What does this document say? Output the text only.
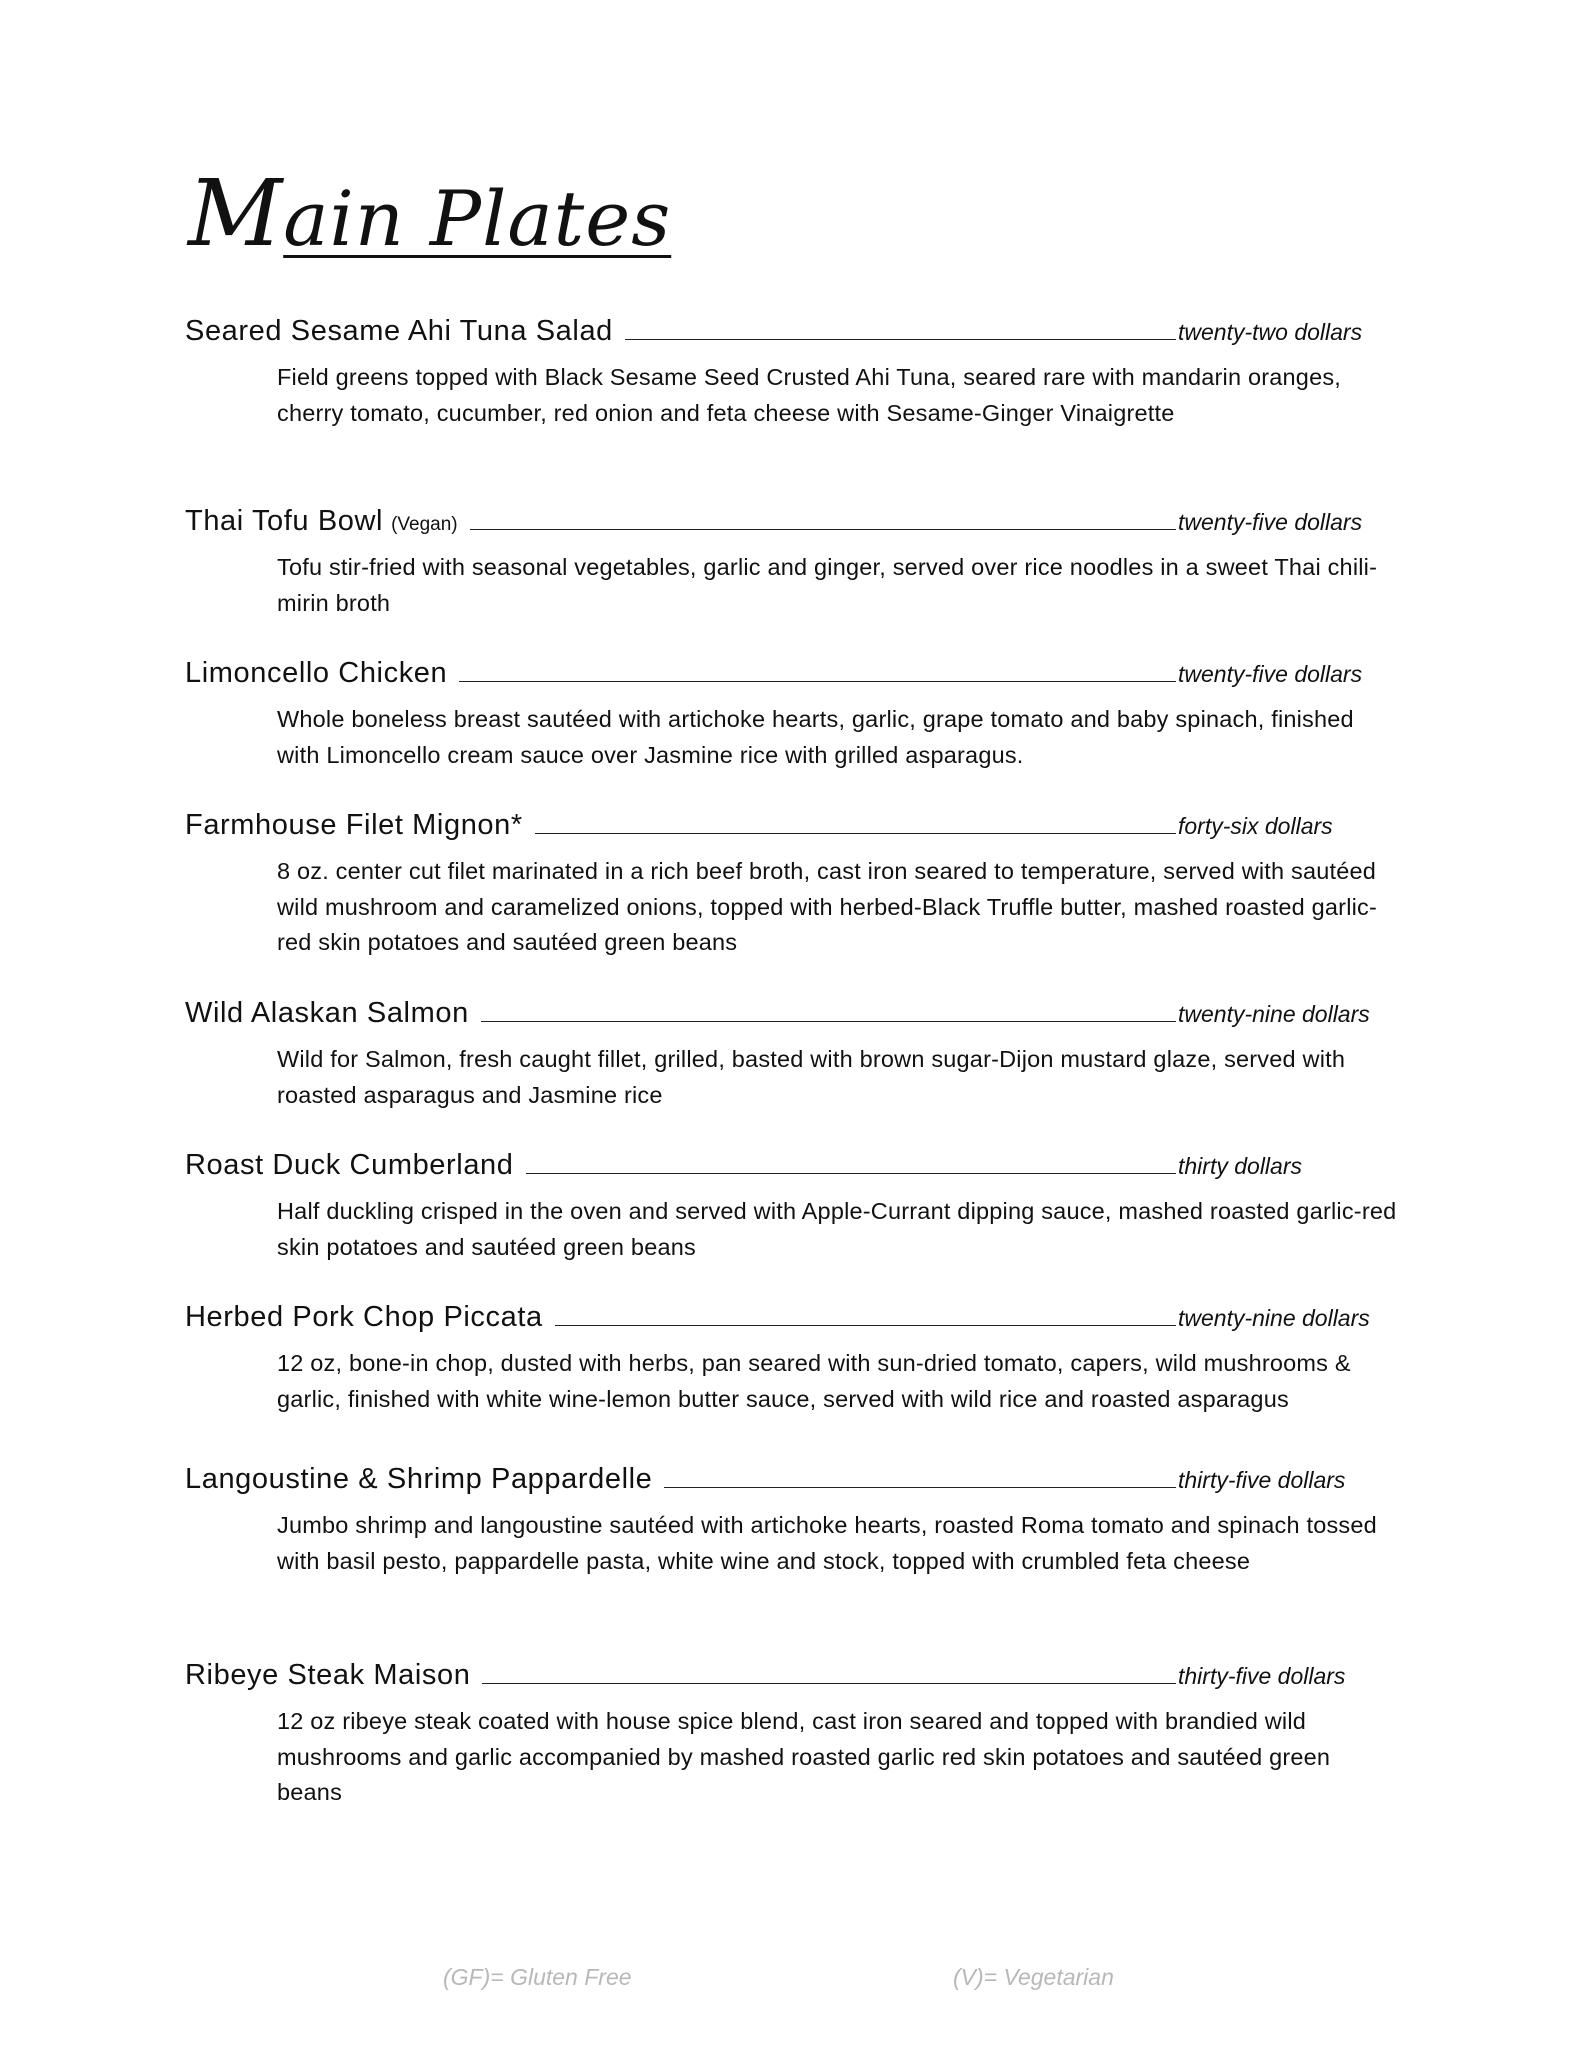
Main Plates
Seared Sesame Ahi Tuna Salad	twenty-two dollars

Field greens topped with Black Sesame Seed Crusted Ahi Tuna, seared rare with mandarin oranges, cherry tomato, cucumber, red onion and feta cheese with Sesame-Ginger Vinaigrette

Thai Tofu Bowl (Vegan)	twenty-five dollars

Tofu stir-fried with seasonal vegetables, garlic and ginger, served over rice noodles in a sweet Thai chili-mirin broth

Limoncello Chicken	twenty-five dollars

Whole boneless breast sautéed with artichoke hearts, garlic, grape tomato and baby spinach, finished with Limoncello cream sauce over Jasmine rice with grilled asparagus.

Farmhouse Filet Mignon*	forty-six dollars

8 oz. center cut filet marinated in a rich beef broth, cast iron seared to temperature, served with sautéed wild mushroom and caramelized onions, topped with herbed-Black Truffle butter, mashed roasted garlic-red skin potatoes and sautéed green beans

Wild Alaskan Salmon	twenty-nine dollars

Wild for Salmon, fresh caught fillet, grilled, basted with brown sugar-Dijon mustard glaze, served with roasted asparagus and Jasmine rice

Roast Duck Cumberland	thirty dollars

Half duckling crisped in the oven and served with Apple-Currant dipping sauce, mashed roasted garlic-red skin potatoes and sautéed green beans

Herbed Pork Chop Piccata	twenty-nine dollars

12 oz, bone-in chop, dusted with herbs, pan seared with sun-dried tomato, capers, wild mushrooms & garlic, finished with white wine-lemon butter sauce, served with wild rice and roasted asparagus

Langoustine & Shrimp Pappardelle	thirty-five dollars

Jumbo shrimp and langoustine sautéed with artichoke hearts, roasted Roma tomato and spinach tossed with basil pesto, pappardelle pasta, white wine and stock, topped with crumbled feta cheese

Ribeye Steak Maison	thirty-five dollars

12 oz ribeye steak coated with house spice blend, cast iron seared and topped with brandied wild mushrooms and garlic accompanied by mashed roasted garlic red skin potatoes and sautéed green beans

(GF)= Gluten Free	(V)= Vegetarian
